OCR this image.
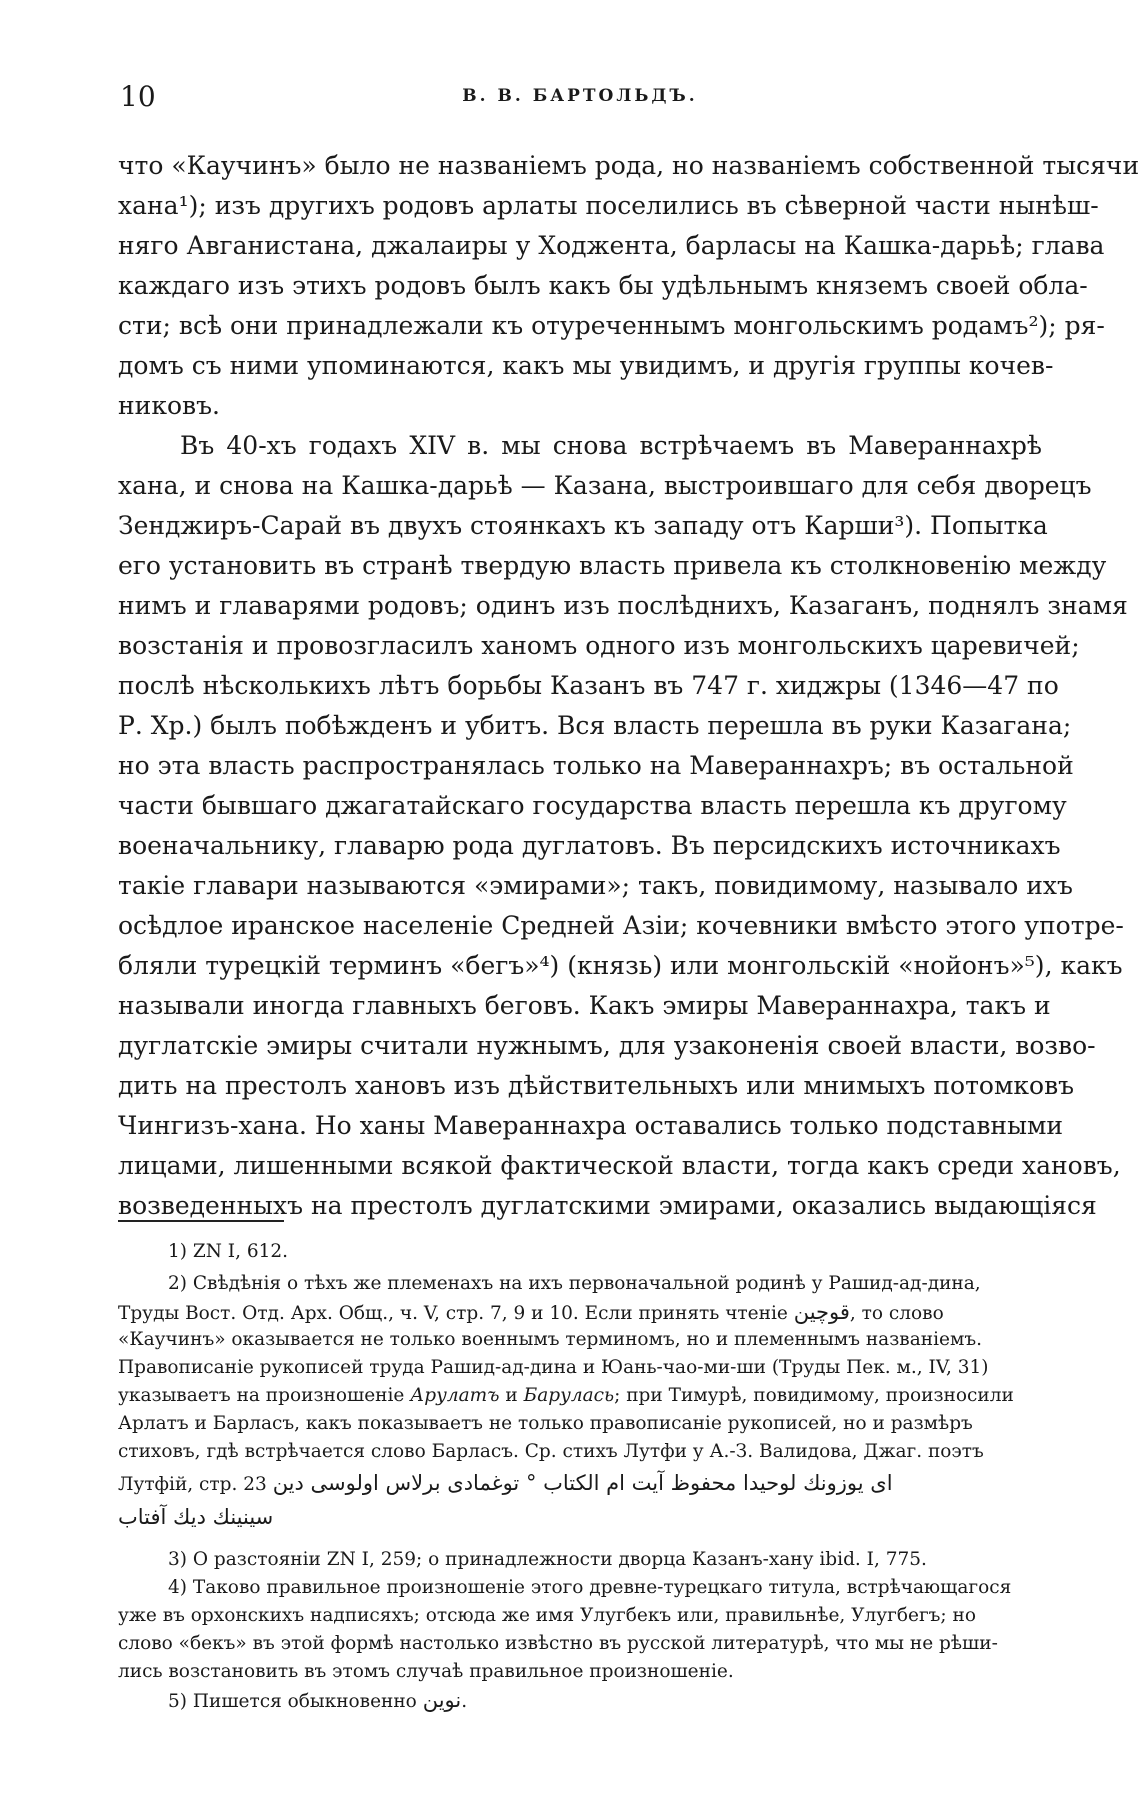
10	В. В. БАРТОЛЬДЪ.

что «Каучинъ» было не названіемъ рода, но названіемъ собственной тысячи
хана¹); изъ другихъ родовъ арлаты поселились въ сѣверной части нынѣш-
няго Авганистана, джалаиры у Ходжента, барласы на Кашка-дарьѣ; глава
каждаго изъ этихъ родовъ былъ какъ бы удѣльнымъ княземъ своей обла-
сти; всѣ они принадлежали къ отуреченнымъ монгольскимъ родамъ²); ря-
домъ съ ними упоминаются, какъ мы увидимъ, и другія группы кочев-
никовъ.

Въ 40-хъ годахъ XIV в. мы снова встрѣчаемъ въ Мавераннахрѣ
хана, и снова на Кашка-дарьѣ — Казана, выстроившаго для себя дворецъ
Зенджиръ-Сарай въ двухъ стоянкахъ къ западу отъ Карши³). Попытка
его установить въ странѣ твердую власть привела къ столкновенію между
нимъ и главарями родовъ; одинъ изъ послѣднихъ, Казаганъ, поднялъ знамя
возстанія и провозгласилъ ханомъ одного изъ монгольскихъ царевичей;
послѣ нѣсколькихъ лѣтъ борьбы Казанъ въ 747 г. хиджры (1346—47 по
Р. Хр.) былъ побѣжденъ и убитъ. Вся власть перешла въ руки Казагана;
но эта власть распространялась только на Мавераннахръ; въ остальной
части бывшаго джагатайскаго государства власть перешла къ другому
военачальнику, главарю рода дуглатовъ. Въ персидскихъ источникахъ
такіе главари называются «эмирами»; такъ, повидимому, называло ихъ
осѣдлое иранское населеніе Средней Азіи; кочевники вмѣсто этого употре-
бляли турецкій терминъ «бегъ»⁴) (князь) или монгольскій «нойонъ»⁵), какъ
называли иногда главныхъ беговъ. Какъ эмиры Мавераннахра, такъ и
дуглатскіе эмиры считали нужнымъ, для узаконенія своей власти, возво-
дить на престолъ хановъ изъ дѣйствительныхъ или мнимыхъ потомковъ
Чингизъ-хана. Но ханы Мавераннахра оставались только подставными
лицами, лишенными всякой фактической власти, тогда какъ среди хановъ,
возведенныхъ на престолъ дуглатскими эмирами, оказались выдающіяся

1) ZN I, 612.
2) Свѣдѣнія о тѣхъ же племенахъ на ихъ первоначальной родинѣ у Рашид-ад-дина,
Труды Вост. Отд. Арх. Общ., ч. V, стр. 7, 9 и 10. Если принять чтеніе قوچين, то слово
«Каучинъ» оказывается не только военнымъ терминомъ, но и племеннымъ названіемъ.
Правописаніе рукописей труда Рашид-ад-дина и Юань-чао-ми-ши (Труды Пек. м., IV, 31)
указываетъ на произношеніе Арулатъ и Барулась; при Тимурѣ, повидимому, произносили
Арлатъ и Барласъ, какъ показываетъ не только правописаніе рукописей, но и размѣръ
стиховъ, гдѣ встрѣчается слово Барласъ. Ср. стихъ Лутфи у А.-З. Валидова, Джаг. поэтъ
Лутфій, стр. 23 ای یوزونك لوحیدا محفوظ آیت ام الکتاب ° توغمادی برلاس اولوسی دین
سینینك دیك آفتاب
3) О разстояніи ZN I, 259; о принадлежности дворца Казанъ-хану ibid. I, 775.
4) Таково правильное произношеніе этого древне-турецкаго титула, встрѣчающагося
уже въ орхонскихъ надписяхъ; отсюда же имя Улугбекъ или, правильнѣе, Улугбегъ; но
слово «бекъ» въ этой формѣ настолько извѣстно въ русской литературѣ, что мы не рѣши-
лись возстановить въ этомъ случаѣ правильное произношеніе.
5) Пишется обыкновенно نوين.
